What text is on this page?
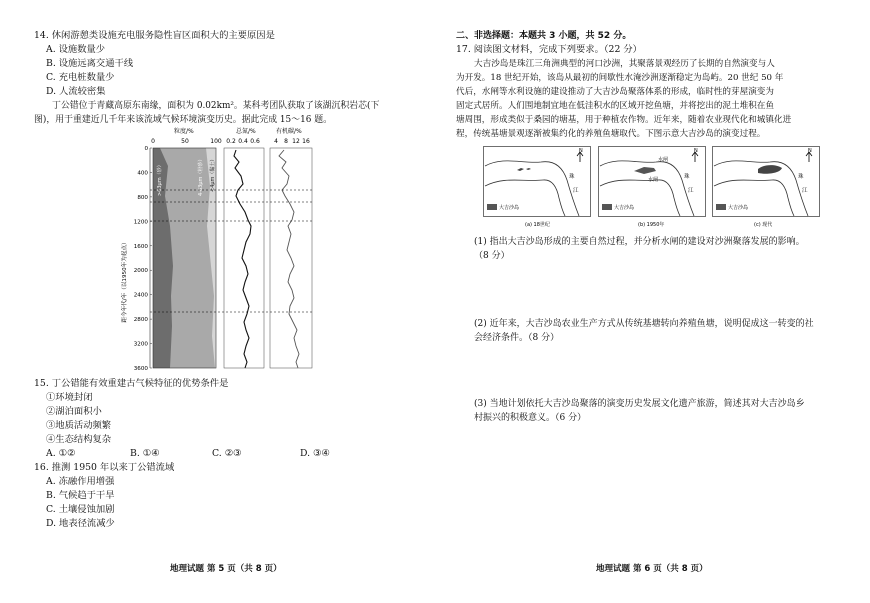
14. 休闲游憩类设施充电服务隐性盲区面积大的主要原因是
A. 设施数量少
B. 设施远离交通干线
C. 充电桩数量少
D. 人流较密集
丁公错位于青藏高原东南缘，面积为 0.02km²。某科考团队获取了该湖沉积岩芯(下
图)，用于重建近几千年来该流域气候环境演变历史。据此完成 15～16 题。
粒度/%	总氮/%	有机碳/%
0	50	100 0.2 0.4 0.6 4 8 12 16
>63μm（砂）	4-63μm（粉砂） <4μm（黏土）
0
400
800
1200
1600
2000
2400
2800
3200
3600
距今年代/年（以1950年为起点）
15. 丁公错能有效重建古气候特征的优势条件是
①环境封闭
②湖泊面积小
③地质活动频繁
④生态结构复杂
A. ①②	B. ①④	C. ②③	D. ③④
16. 推测 1950 年以来丁公错流域
A. 冻融作用增强
B. 气候趋于干旱
C. 土壤侵蚀加剧
D. 地表径流减少
地理试题 第 5 页（共 8 页）
二、非选择题：本题共 3 小题，共 52 分。
17. 阅读图文材料，完成下列要求。（22 分）
大吉沙岛是珠江三角洲典型的河口沙洲，其聚落景观经历了长期的自然演变与人
为开发。18 世纪开始，该岛从最初的间歇性水淹沙洲逐渐稳定为岛屿。20 世纪 50 年
代后，水闸等水利设施的建设推动了大吉沙岛聚落体系的形成，临时性的芽屋演变为
固定式居所。人们围地制宜地在低洼积水的区域开挖鱼塘，并将挖出的泥土堆积在鱼
塘周围，形成类似于桑园的塘基，用于种植农作物。近年来，随着农业现代化和城镇化进
程，传统基塘景观逐渐被集约化的养殖鱼塘取代。下图示意大吉沙岛的演变过程。
N
珠
江
大吉沙岛
(a) 18世纪
N
水闸
水闸	珠
江
大吉沙岛
(b) 1950年
N
珠
江
大吉沙岛
(c) 现代
(1) 指出大吉沙岛形成的主要自然过程，并分析水闸的建设对沙洲聚落发展的影响。
（8 分）
(2) 近年来，大吉沙岛农业生产方式从传统基塘转向养殖鱼塘，说明促成这一转变的社
会经济条件。（8 分）
(3) 当地计划依托大吉沙岛聚落的演变历史发展文化遗产旅游，简述其对大吉沙岛乡
村振兴的积极意义。（6 分）
地理试题 第 6 页（共 8 页）
